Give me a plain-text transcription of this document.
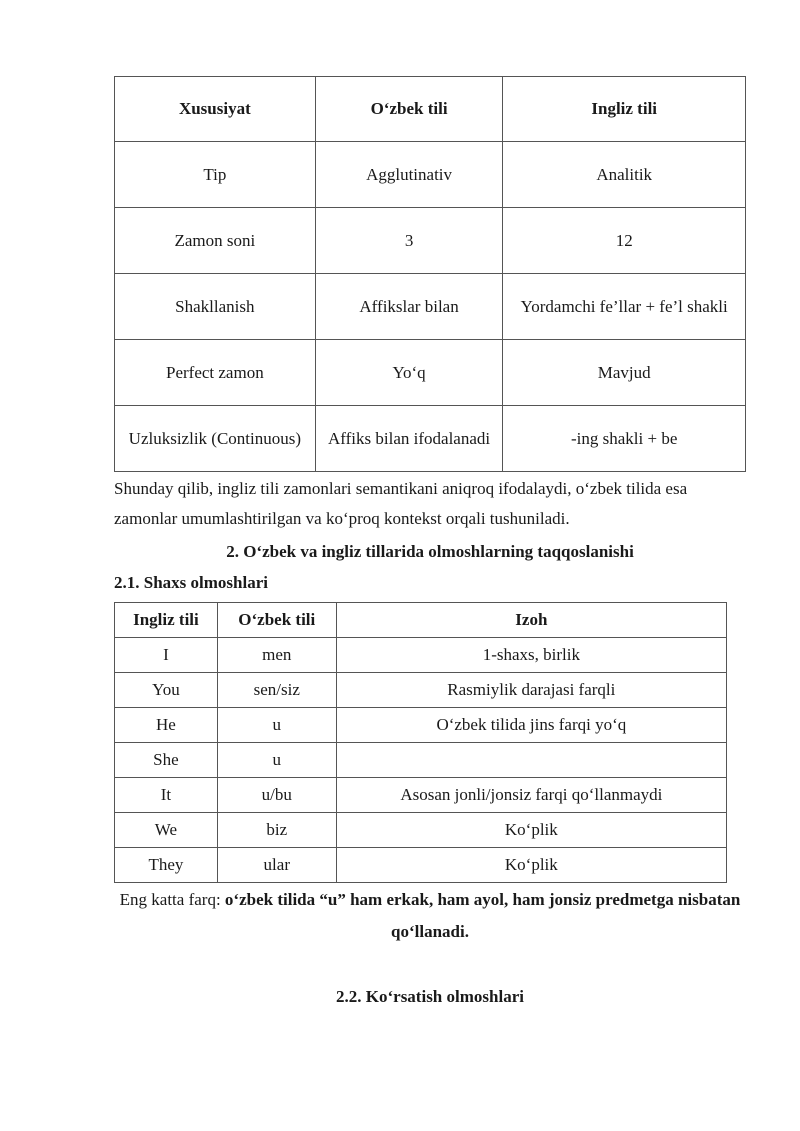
Xususiyat	O‘zbek tili	Ingliz tili
Tip	Agglutinativ	Analitik
Zamon soni	3	12
Shakllanish	Affikslar bilan	Yordamchi fe’llar + fe’l shakli
Perfect zamon	Yo‘q	Mavjud
Uzluksizlik (Continuous)	Affiks bilan ifodalanadi	-ing shakli + be

Shunday qilib, ingliz tili zamonlari semantikani aniqroq ifodalaydi, o‘zbek tilida esa zamonlar umumlashtirilgan va ko‘proq kontekst orqali tushuniladi.

2. O‘zbek va ingliz tillarida olmoshlarning taqqoslanishi
2.1. Shaxs olmoshlari
Ingliz tili	O‘zbek tili	Izoh
I	men	1-shaxs, birlik
You	sen/siz	Rasmiylik darajasi farqli
He	u	O‘zbek tilida jins farqi yo‘q
She	u	
It	u/bu	Asosan jonli/jonsiz farqi qo‘llanmaydi
We	biz	Ko‘plik
They	ular	Ko‘plik

Eng katta farq: o‘zbek tilida “u” ham erkak, ham ayol, ham jonsiz predmetga nisbatan qo‘llanadi.

2.2. Ko‘rsatish olmoshlari
